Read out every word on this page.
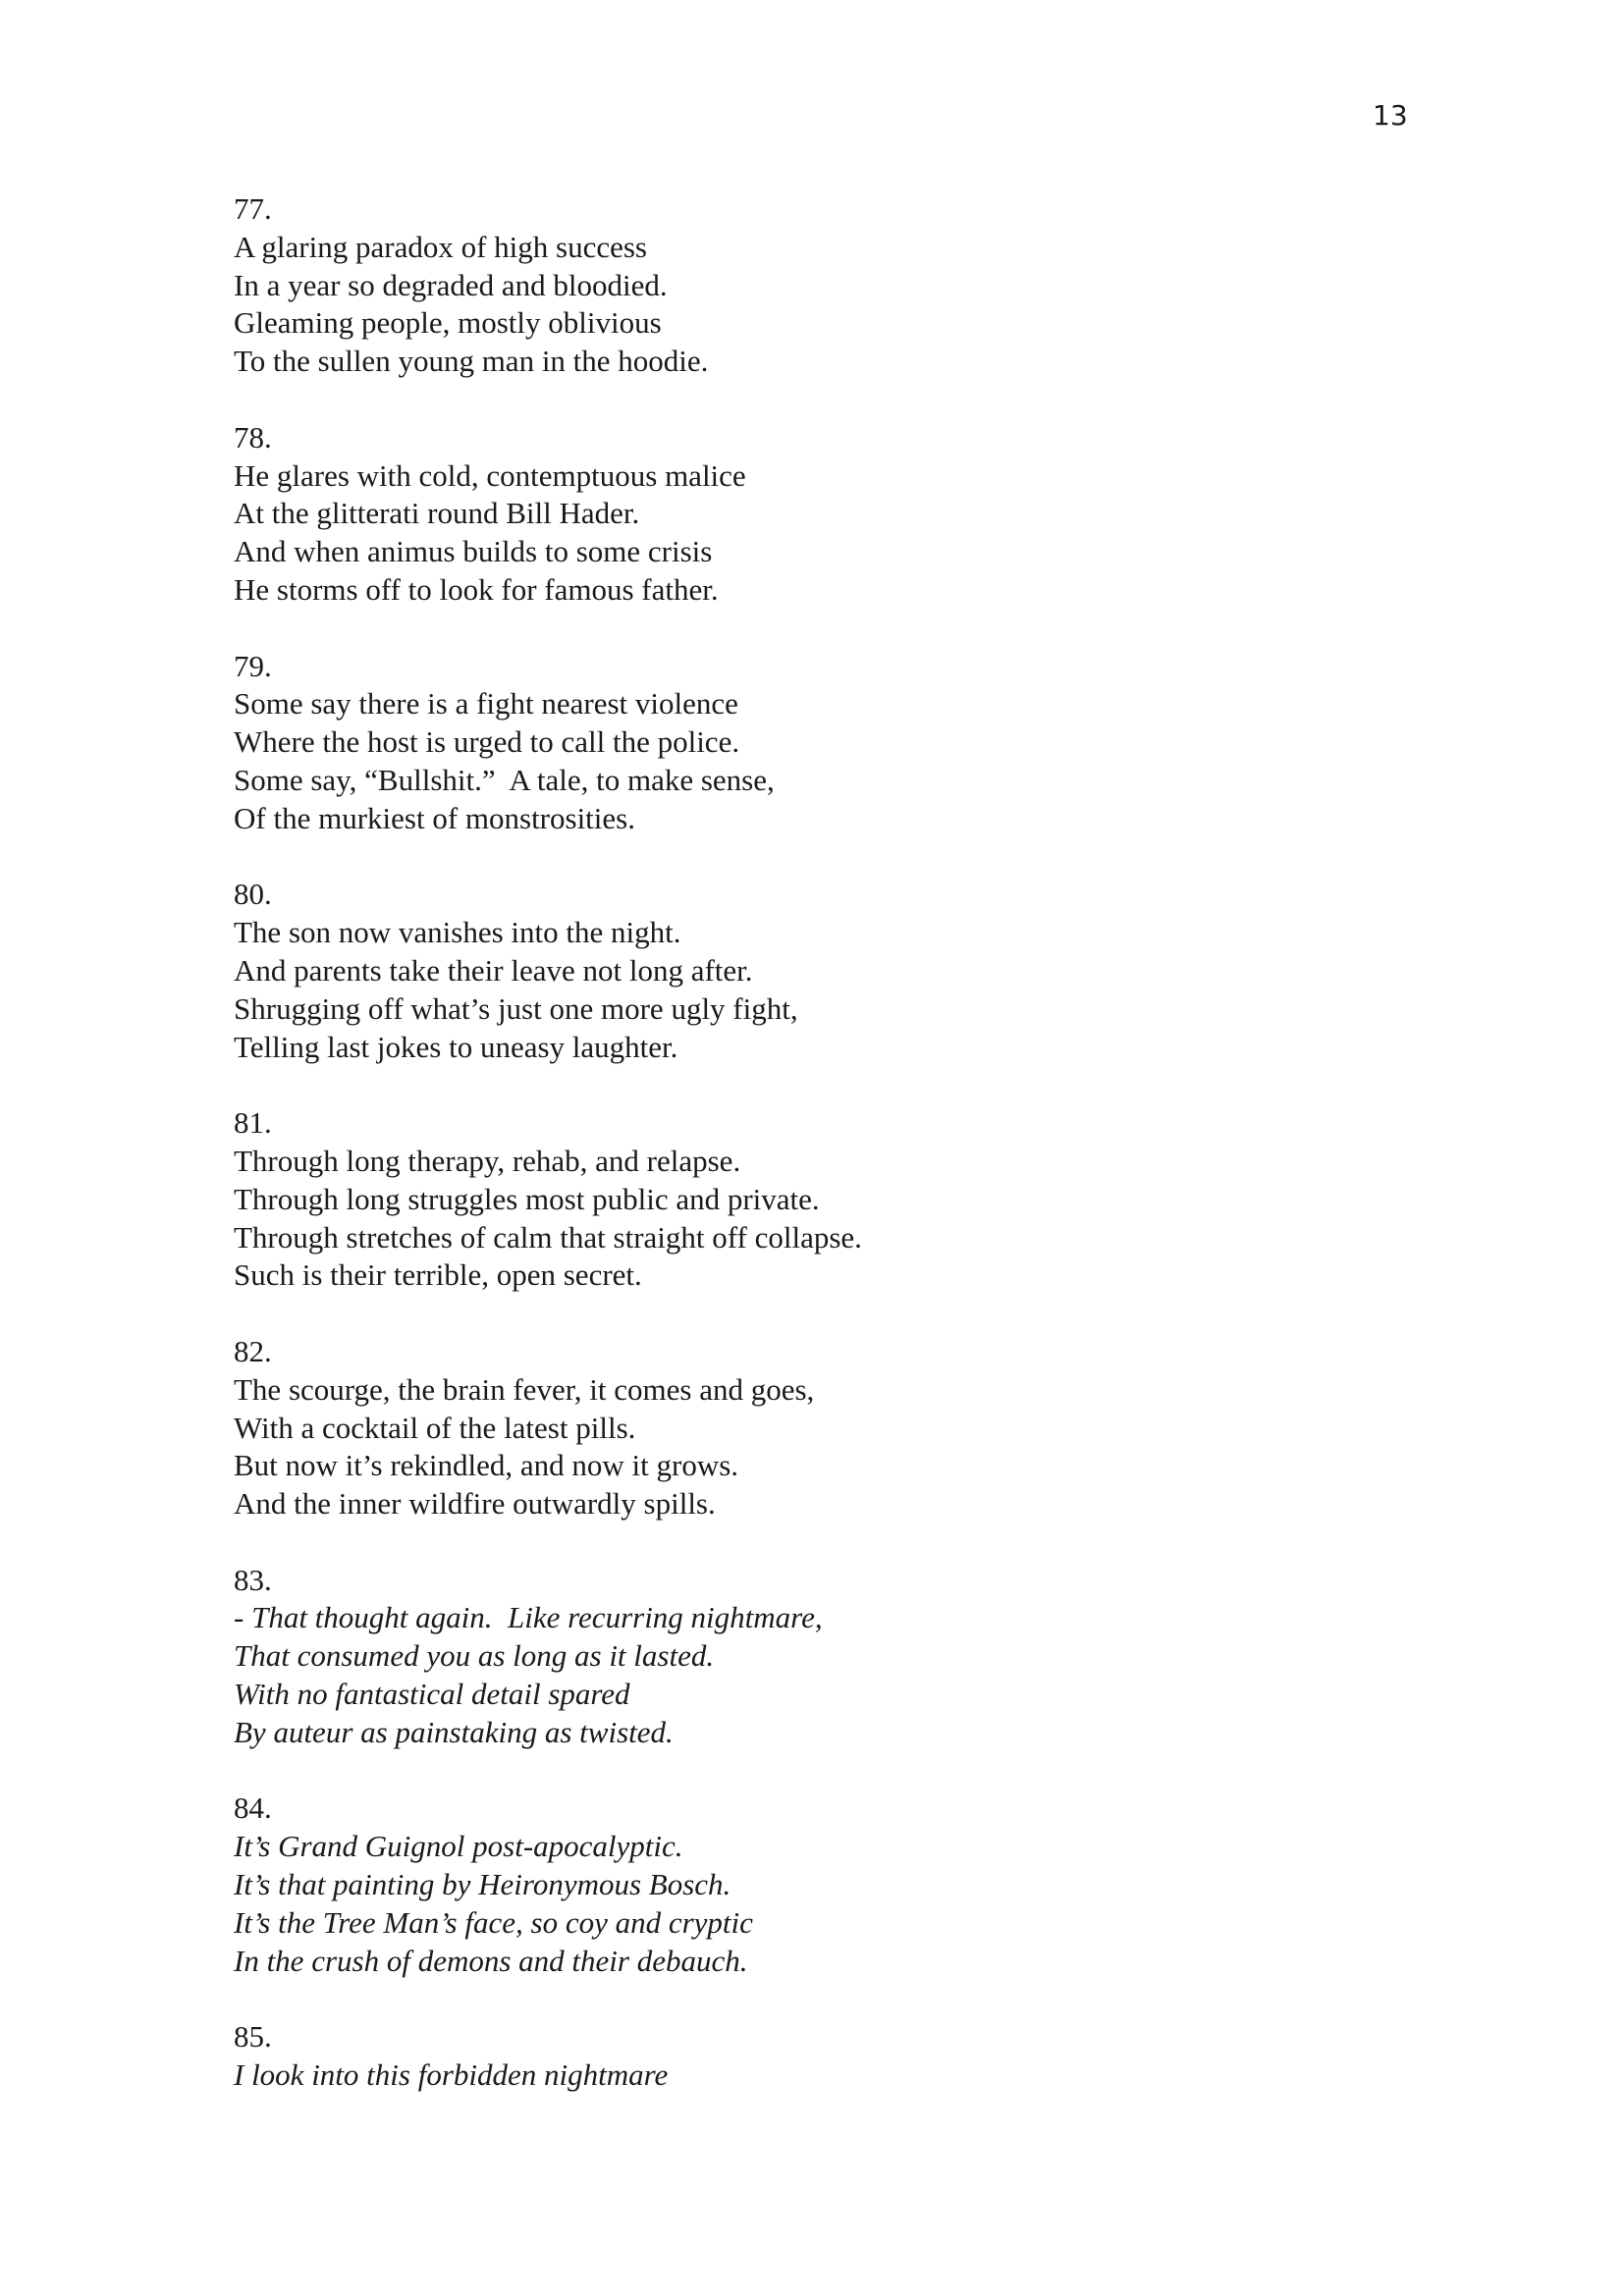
13
77.
A glaring paradox of high success
In a year so degraded and bloodied.
Gleaming people, mostly oblivious
To the sullen young man in the hoodie.
78.
He glares with cold, contemptuous malice
At the glitterati round Bill Hader.
And when animus builds to some crisis
He storms off to look for famous father.
79.
Some say there is a fight nearest violence
Where the host is urged to call the police.
Some say, “Bullshit.”  A tale, to make sense,
Of the murkiest of monstrosities.
80.
The son now vanishes into the night.
And parents take their leave not long after.
Shrugging off what’s just one more ugly fight,
Telling last jokes to uneasy laughter.
81.
Through long therapy, rehab, and relapse.
Through long struggles most public and private.
Through stretches of calm that straight off collapse.
Such is their terrible, open secret.
82.
The scourge, the brain fever, it comes and goes,
With a cocktail of the latest pills.
But now it’s rekindled, and now it grows.
And the inner wildfire outwardly spills.
83.
- That thought again.  Like recurring nightmare,
That consumed you as long as it lasted.
With no fantastical detail spared
By auteur as painstaking as twisted.
84.
It’s Grand Guignol post-apocalyptic.
It’s that painting by Heironymous Bosch.
It’s the Tree Man’s face, so coy and cryptic
In the crush of demons and their debauch.
85.
I look into this forbidden nightmare
